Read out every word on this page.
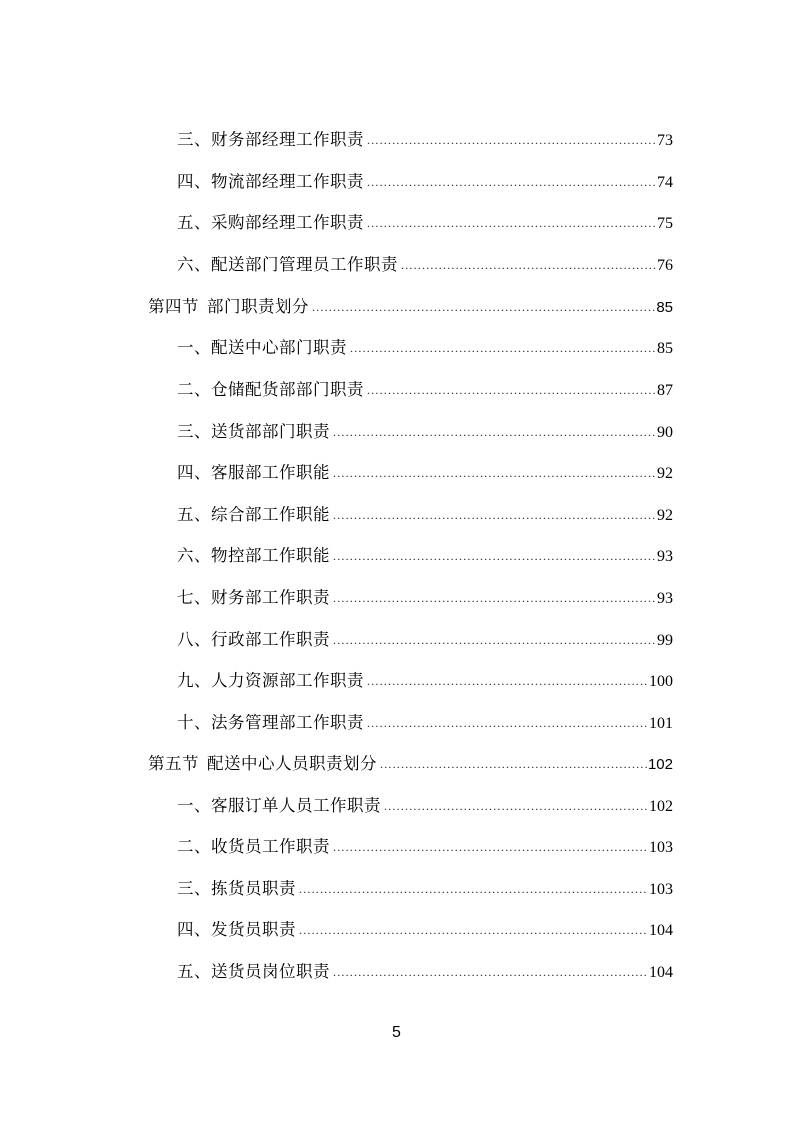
三、财务部经理工作职责 .....	73
四、物流部经理工作职责 .....	74
五、采购部经理工作职责 .....	75
六、配送部门管理员工作职责 .....	76
第四节 部门职责划分 .....	85
一、配送中心部门职责 .....	85
二、仓储配货部部门职责 .....	87
三、送货部部门职责 .....	90
四、客服部工作职能 .....	92
五、综合部工作职能 .....	92
六、物控部工作职能 .....	93
七、财务部工作职责 .....	93
八、行政部工作职责 .....	99
九、人力资源部工作职责 .....	100
十、法务管理部工作职责 .....	101
第五节 配送中心人员职责划分 .....	102
一、客服订单人员工作职责 .....	102
二、收货员工作职责 .....	103
三、拣货员职责 .....	103
四、发货员职责 .....	104
五、送货员岗位职责 .....	104
5
